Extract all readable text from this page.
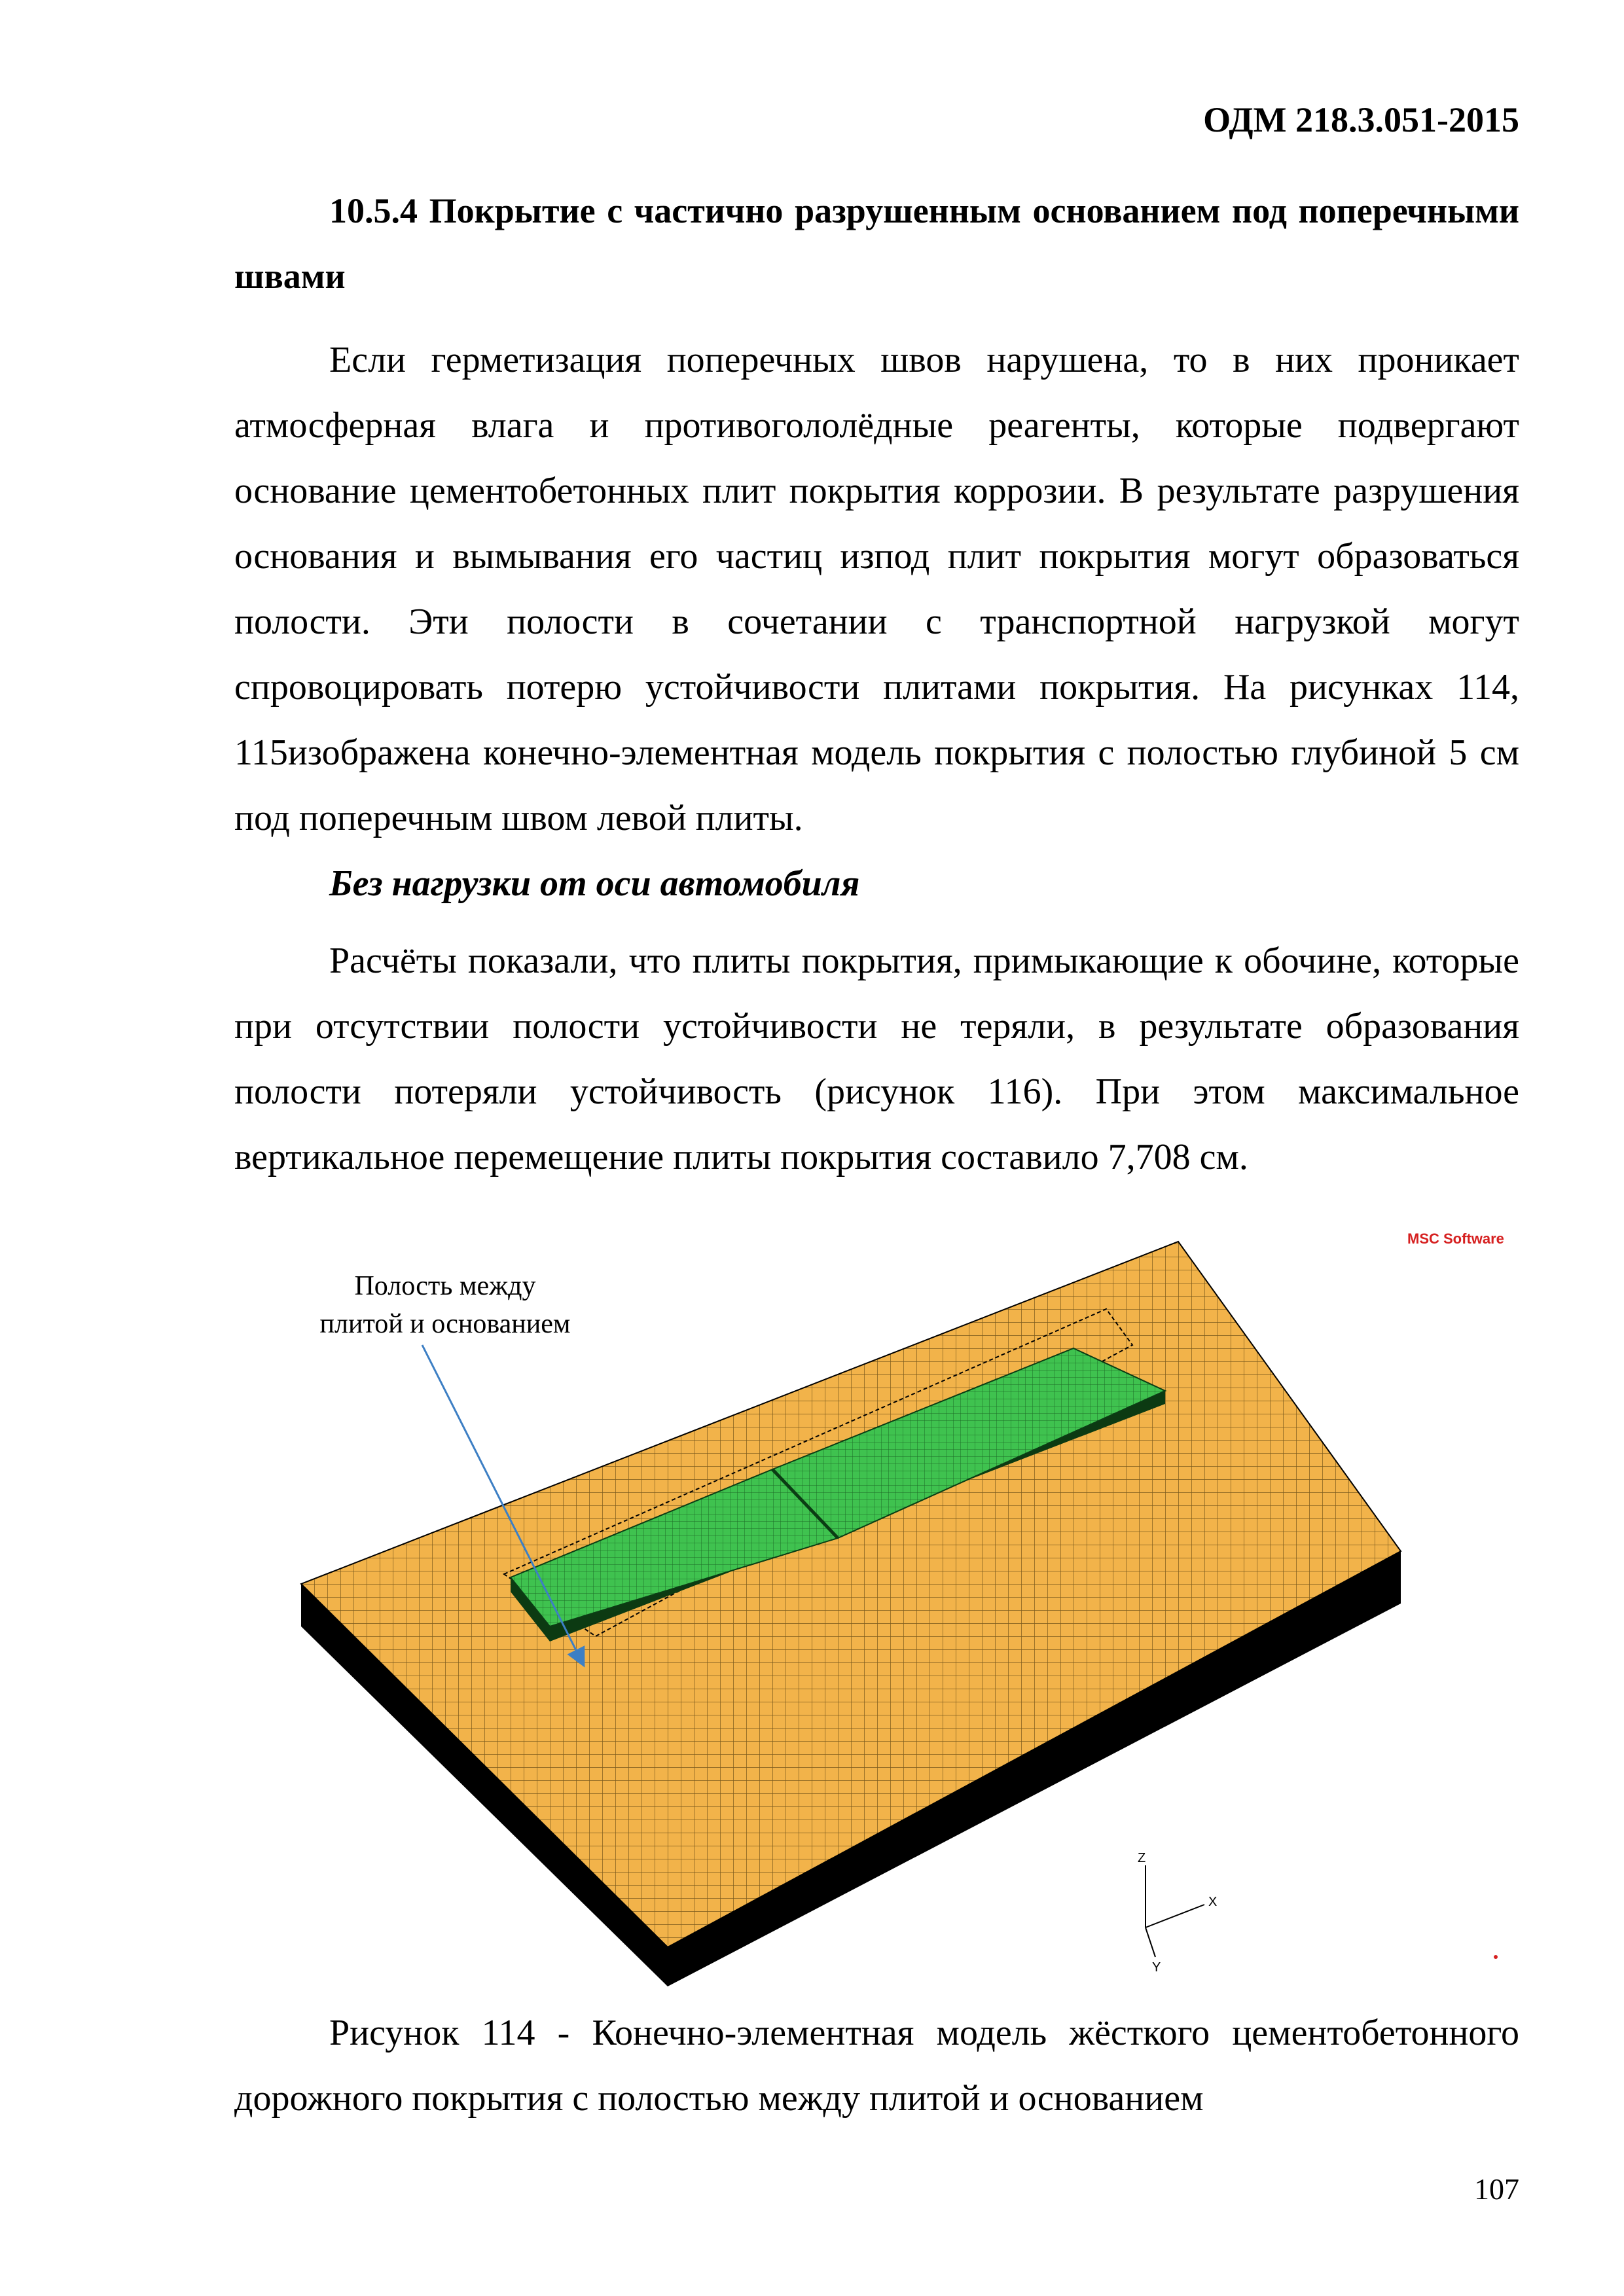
ОДМ 218.3.051-2015
10.5.4 Покрытие с частично разрушенным основанием под поперечными швами

Если герметизация поперечных швов нарушена, то в них проникает атмосферная влага и противогололёдные реагенты, которые подвергают основание цементобетонных плит покрытия коррозии. В результате разрушения основания и вымывания его частиц изпод плит покрытия могут образоваться полости. Эти полости в сочетании с транспортной нагрузкой могут спровоцировать потерю устойчивости плитами покрытия. На рисунках 114, 115изображена конечно-элементная модель покрытия с полостью глубиной 5 см под поперечным швом левой плиты.

Без нагрузки от оси автомобиля

Расчёты показали, что плиты покрытия, примыкающие к обочине, которые при отсутствии полости устойчивости не теряли, в результате образования полости потеряли устойчивость (рисунок 116). При этом максимальное вертикальное перемещение плиты покрытия составило 7,708 см.

Z
X
Y
Полость между
плитой и основанием
MSC Software

Рисунок 114 - Конечно-элементная модель жёсткого цементобетонного дорожного покрытия с полостью между плитой и основанием

107
